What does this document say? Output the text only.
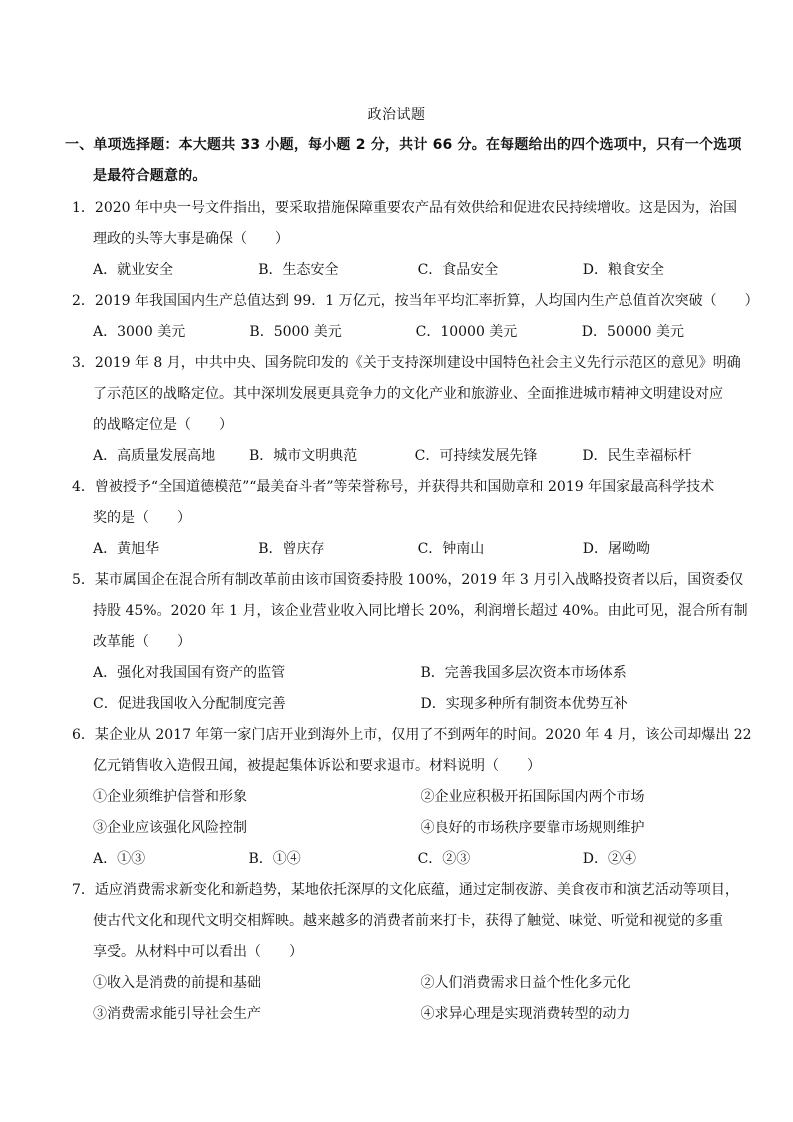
政治试题
一、单项选择题：本大题共 33 小题，每小题 2 分，共计 66 分。在每题给出的四个选项中，只有一个选项
是最符合题意的。
1．2020 年中央一号文件指出，要采取措施保障重要农产品有效供给和促进农民持续增收。这是因为，治国
理政的头等大事是确保（　　）
A．就业安全	B．生态安全	C．食品安全	D．粮食安全
2．2019 年我国国内生产总值达到 99．1 万亿元，按当年平均汇率折算，人均国内生产总值首次突破（　　）
A．3000 美元	B．5000 美元	C．10000 美元	D．50000 美元
3．2019 年 8 月，中共中央、国务院印发的《关于支持深圳建设中国特色社会主义先行示范区的意见》明确
了示范区的战略定位。其中深圳发展更具竞争力的文化产业和旅游业、全面推进城市精神文明建设对应
的战略定位是（　　）
A．高质量发展高地	B．城市文明典范	C．可持续发展先锋	D．民生幸福标杆
4．曾被授予“全国道德模范”“最美奋斗者”等荣誉称号，并获得共和国勋章和 2019 年国家最高科学技术
奖的是（　　）
A．黄旭华	B．曾庆存	C．钟南山	D．屠呦呦
5．某市属国企在混合所有制改革前由该市国资委持股 100%，2019 年 3 月引入战略投资者以后，国资委仅
持股 45%。2020 年 1 月，该企业营业收入同比增长 20%，利润增长超过 40%。由此可见，混合所有制
改革能（　　）
A．强化对我国国有资产的监管	B．完善我国多层次资本市场体系
C．促进我国收入分配制度完善	D．实现多种所有制资本优势互补
6．某企业从 2017 年第一家门店开业到海外上市，仅用了不到两年的时间。2020 年 4 月，该公司却爆出 22
亿元销售收入造假丑闻，被提起集体诉讼和要求退市。材料说明（　　）
①企业须维护信誉和形象	②企业应积极开拓国际国内两个市场
③企业应该强化风险控制	④良好的市场秩序要靠市场规则维护
A．①③	B．①④	C．②③	D．②④
7．适应消费需求新变化和新趋势，某地依托深厚的文化底蕴，通过定制夜游、美食夜市和演艺活动等项目，
使古代文化和现代文明交相辉映。越来越多的消费者前来打卡，获得了触觉、味觉、听觉和视觉的多重
享受。从材料中可以看出（　　）
①收入是消费的前提和基础	②人们消费需求日益个性化多元化
③消费需求能引导社会生产	④求异心理是实现消费转型的动力
